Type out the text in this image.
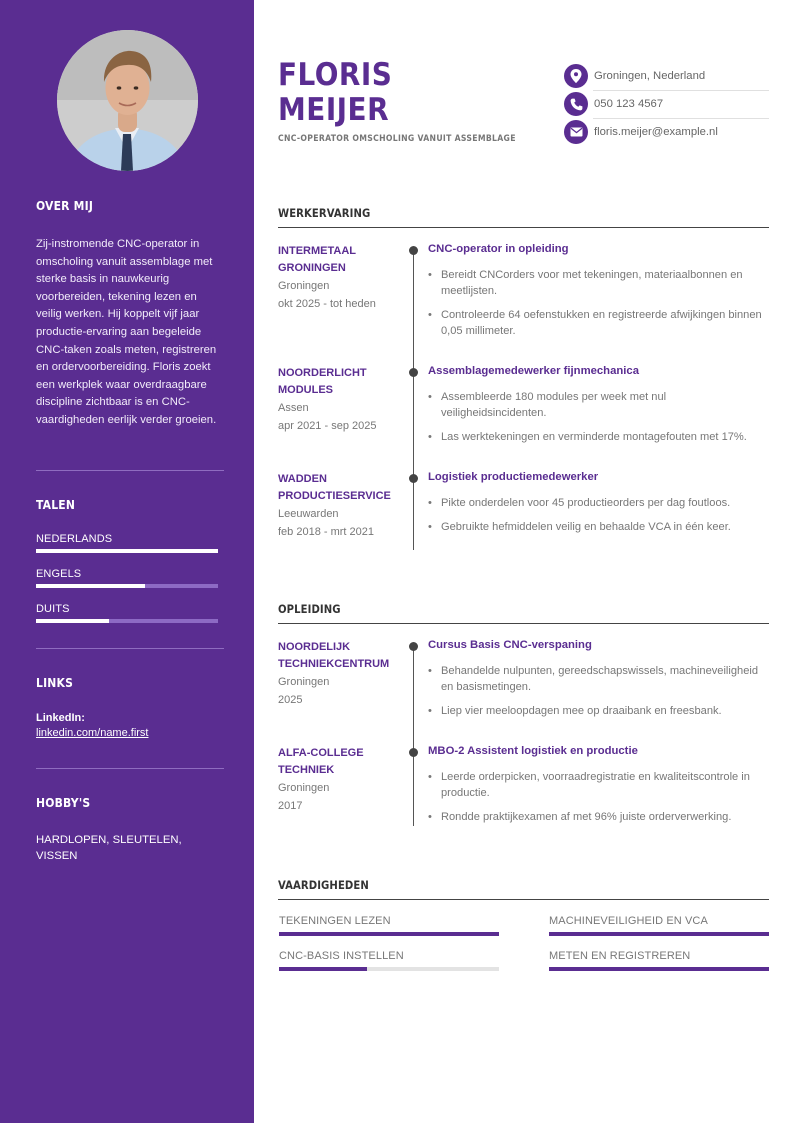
OVER MIJ

Zij-instromende CNC-operator in omscholing vanuit assemblage met sterke basis in nauwkeurig voorbereiden, tekening lezen en veilig werken. Hij koppelt vijf jaar productie-ervaring aan begeleide CNC-taken zoals meten, registreren en ordervoorbereiding. Floris zoekt een werkplek waar overdraagbare discipline zichtbaar is en CNC-vaardigheden eerlijk verder groeien.

TALEN
NEDERLANDS
ENGELS
DUITS
LINKS
LinkedIn:
linkedin.com/name.first
HOBBY'S
HARDLOPEN, SLEUTELEN, VISSEN
FLORIS
MEIJER
CNC-OPERATOR OMSCHOLING VANUIT ASSEMBLAGE
Groningen, Nederland
050 123 4567
floris.meijer@example.nl
WERKERVARING
INTERMETAAL GRONINGEN
Groningen
okt 2025 - tot heden
CNC-operator in opleiding
• Bereidt CNCorders voor met tekeningen, materiaalbonnen en meetlijsten.
• Controleerde 64 oefenstukken en registreerde afwijkingen binnen 0,05 millimeter.
NOORDERLICHT MODULES
Assen
apr 2021 - sep 2025
Assemblagemedewerker fijnmechanica
• Assembleerde 180 modules per week met nul veiligheidsincidenten.
• Las werktekeningen en verminderde montagefouten met 17%.
WADDEN PRODUCTIESERVICE
Leeuwarden
feb 2018 - mrt 2021
Logistiek productiemedewerker
• Pikte onderdelen voor 45 productieorders per dag foutloos.
• Gebruikte hefmiddelen veilig en behaalde VCA in één keer.
OPLEIDING
NOORDELIJK TECHNIEKCENTRUM
Groningen
2025
Cursus Basis CNC-verspaning
• Behandelde nulpunten, gereedschapswissels, machineveiligheid en basismetingen.
• Liep vier meeloopdagen mee op draaibank en freesbank.
ALFA-COLLEGE TECHNIEK
Groningen
2017
MBO-2 Assistent logistiek en productie
• Leerde orderpicken, voorraadregistratie en kwaliteitscontrole in productie.
• Rondde praktijkexamen af met 96% juiste orderverwerking.
VAARDIGHEDEN
TEKENINGEN LEZEN	MACHINEVEILIGHEID EN VCA
CNC-BASIS INSTELLEN	METEN EN REGISTREREN
